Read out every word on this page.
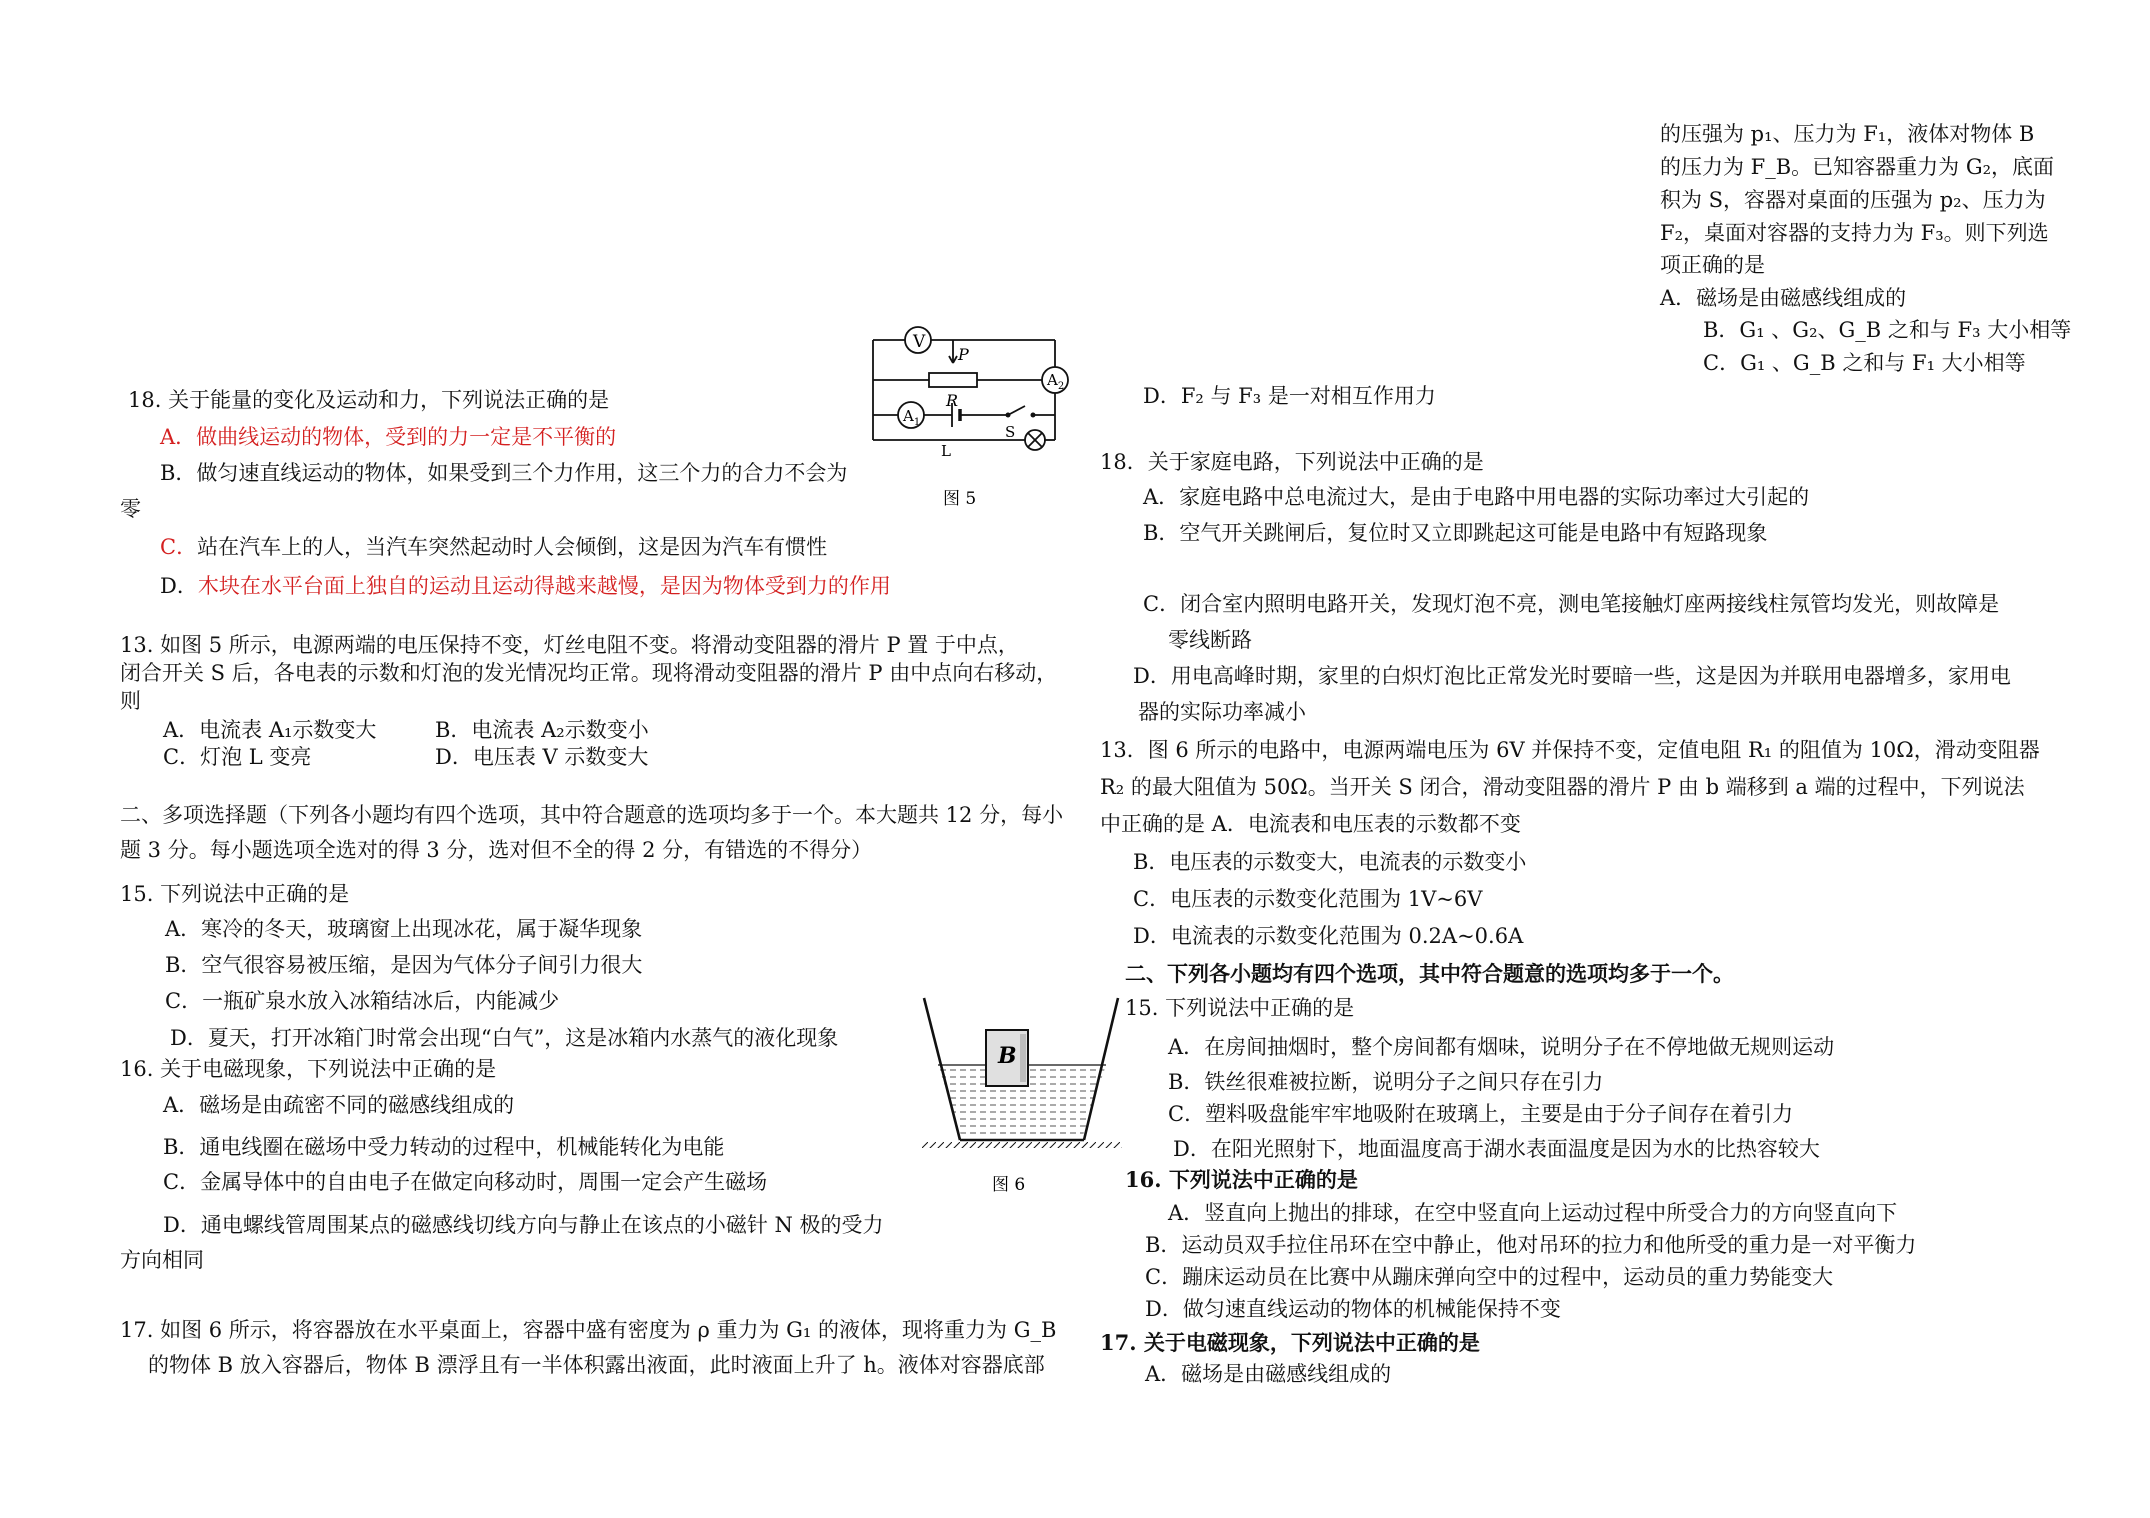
18. 关于能量的变化及运动和力，下列说法正确的是
A．做曲线运动的物体，受到的力一定是不平衡的
B．做匀速直线运动的物体，如果受到三个力作用，这三个力的合力不会为
零
C．站在汽车上的人，当汽车突然起动时人会倾倒，这是因为汽车有惯性
D．木块在水平台面上独自的运动且运动得越来越慢，是因为物体受到力的作用
13. 如图 5 所示，电源两端的电压保持不变，灯丝电阻不变。将滑动变阻器的滑片 P 置 于中点，
闭合开关 S 后，各电表的示数和灯泡的发光情况均正常。现将滑动变阻器的滑片 P 由中点向右移动，
则
A．电流表 A₁示数变大	B．电流表 A₂示数变小
C．灯泡 L 变亮	D．电压表 V 示数变大
二、多项选择题（下列各小题均有四个选项，其中符合题意的选项均多于一个。本大题共 12 分，每小
题 3 分。每小题选项全选对的得 3 分，选对但不全的得 2 分，有错选的不得分）
15. 下列说法中正确的是
A．寒冷的冬天，玻璃窗上出现冰花，属于凝华现象
B．空气很容易被压缩，是因为气体分子间引力很大
C．一瓶矿泉水放入冰箱结冰后，内能减少
D．夏天，打开冰箱门时常会出现“白气”，这是冰箱内水蒸气的液化现象
16. 关于电磁现象，下列说法中正确的是
A．磁场是由疏密不同的磁感线组成的
B．通电线圈在磁场中受力转动的过程中，机械能转化为电能
C．金属导体中的自由电子在做定向移动时，周围一定会产生磁场
D．通电螺线管周围某点的磁感线切线方向与静止在该点的小磁针 N 极的受力
方向相同
17. 如图 6 所示，将容器放在水平桌面上，容器中盛有密度为 ρ 重力为 G₁ 的液体，现将重力为 G_B
的物体 B 放入容器后，物体 B 漂浮且有一半体积露出液面，此时液面上升了 h。液体对容器底部
V
$A_1$
$A_2$
P
R
S
L
图 5
B
图 6
的压强为 p₁、压力为 F₁，液体对物体 B
的压力为 F_B。已知容器重力为 G₂，底面
积为 S，容器对桌面的压强为 p₂、压力为
F₂，桌面对容器的支持力为 F₃。则下列选
项正确的是
A．磁场是由磁感线组成的
B．G₁ 、G₂、G_B 之和与 F₃ 大小相等
C．G₁ 、G_B 之和与 F₁ 大小相等
D．F₂ 与 F₃ 是一对相互作用力
18．关于家庭电路，下列说法中正确的是
A．家庭电路中总电流过大，是由于电路中用电器的实际功率过大引起的
B．空气开关跳闸后，复位时又立即跳起这可能是电路中有短路现象
C．闭合室内照明电路开关，发现灯泡不亮，测电笔接触灯座两接线柱氖管均发光，则故障是
零线断路
D．用电高峰时期，家里的白炽灯泡比正常发光时要暗一些，这是因为并联用电器增多，家用电
器的实际功率减小
13．图 6 所示的电路中，电源两端电压为 6V 并保持不变，定值电阻 R₁ 的阻值为 10Ω，滑动变阻器
R₂ 的最大阻值为 50Ω。当开关 S 闭合，滑动变阻器的滑片 P 由 b 端移到 a 端的过程中，下列说法
中正确的是 A．电流表和电压表的示数都不变
B．电压表的示数变大，电流表的示数变小
C．电压表的示数变化范围为 1V~6V
D．电流表的示数变化范围为 0.2A~0.6A
二、下列各小题均有四个选项，其中符合题意的选项均多于一个。
15. 下列说法中正确的是
A．在房间抽烟时，整个房间都有烟味，说明分子在不停地做无规则运动
B．铁丝很难被拉断，说明分子之间只存在引力
C．塑料吸盘能牢牢地吸附在玻璃上，主要是由于分子间存在着引力
D．在阳光照射下，地面温度高于湖水表面温度是因为水的比热容较大
16. 下列说法中正确的是
A．竖直向上抛出的排球，在空中竖直向上运动过程中所受合力的方向竖直向下
B．运动员双手拉住吊环在空中静止，他对吊环的拉力和他所受的重力是一对平衡力
C．蹦床运动员在比赛中从蹦床弹向空中的过程中，运动员的重力势能变大
D．做匀速直线运动的物体的机械能保持不变
17. 关于电磁现象，下列说法中正确的是
A．磁场是由磁感线组成的
